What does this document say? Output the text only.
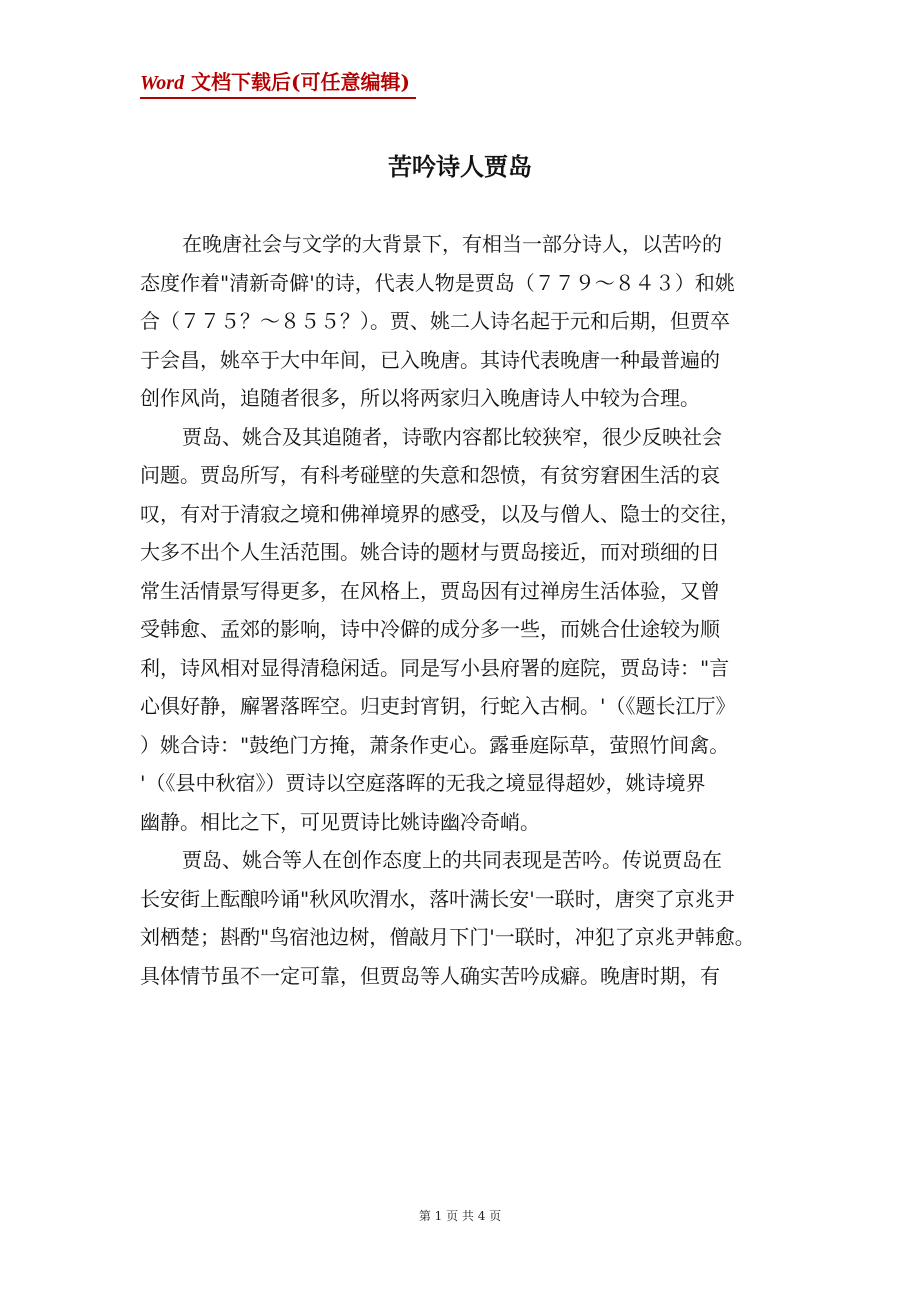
Word 文档下载后(可任意编辑)
苦吟诗人贾岛
在晚唐社会与文学的大背景下，有相当一部分诗人，以苦吟的
态度作着"清新奇僻'的诗，代表人物是贾岛（７７９～８４３）和姚
合（７７５？～８５５？）。贾、姚二人诗名起于元和后期，但贾卒
于会昌，姚卒于大中年间，已入晚唐。其诗代表晚唐一种最普遍的
创作风尚，追随者很多，所以将两家归入晚唐诗人中较为合理。
贾岛、姚合及其追随者，诗歌内容都比较狭窄，很少反映社会
问题。贾岛所写，有科考碰壁的失意和怨愤，有贫穷窘困生活的哀
叹，有对于清寂之境和佛禅境界的感受，以及与僧人、隐士的交往，
大多不出个人生活范围。姚合诗的题材与贾岛接近，而对琐细的日
常生活情景写得更多，在风格上，贾岛因有过禅房生活体验，又曾
受韩愈、孟郊的影响，诗中冷僻的成分多一些，而姚合仕途较为顺
利，诗风相对显得清稳闲适。同是写小县府署的庭院，贾岛诗："言
心俱好静，廨署落晖空。归吏封宵钥，行蛇入古桐。'（《题长江厅》
）姚合诗："鼓绝门方掩，萧条作吏心。露垂庭际草，萤照竹间禽。
'（《县中秋宿》）贾诗以空庭落晖的无我之境显得超妙，姚诗境界
幽静。相比之下，可见贾诗比姚诗幽冷奇峭。
贾岛、姚合等人在创作态度上的共同表现是苦吟。传说贾岛在
长安街上酝酿吟诵"秋风吹渭水，落叶满长安'一联时，唐突了京兆尹
刘栖楚；斟酌"鸟宿池边树，僧敲月下门'一联时，冲犯了京兆尹韩愈。
具体情节虽不一定可靠，但贾岛等人确实苦吟成癖。晚唐时期，有
第 1 页 共 4 页
